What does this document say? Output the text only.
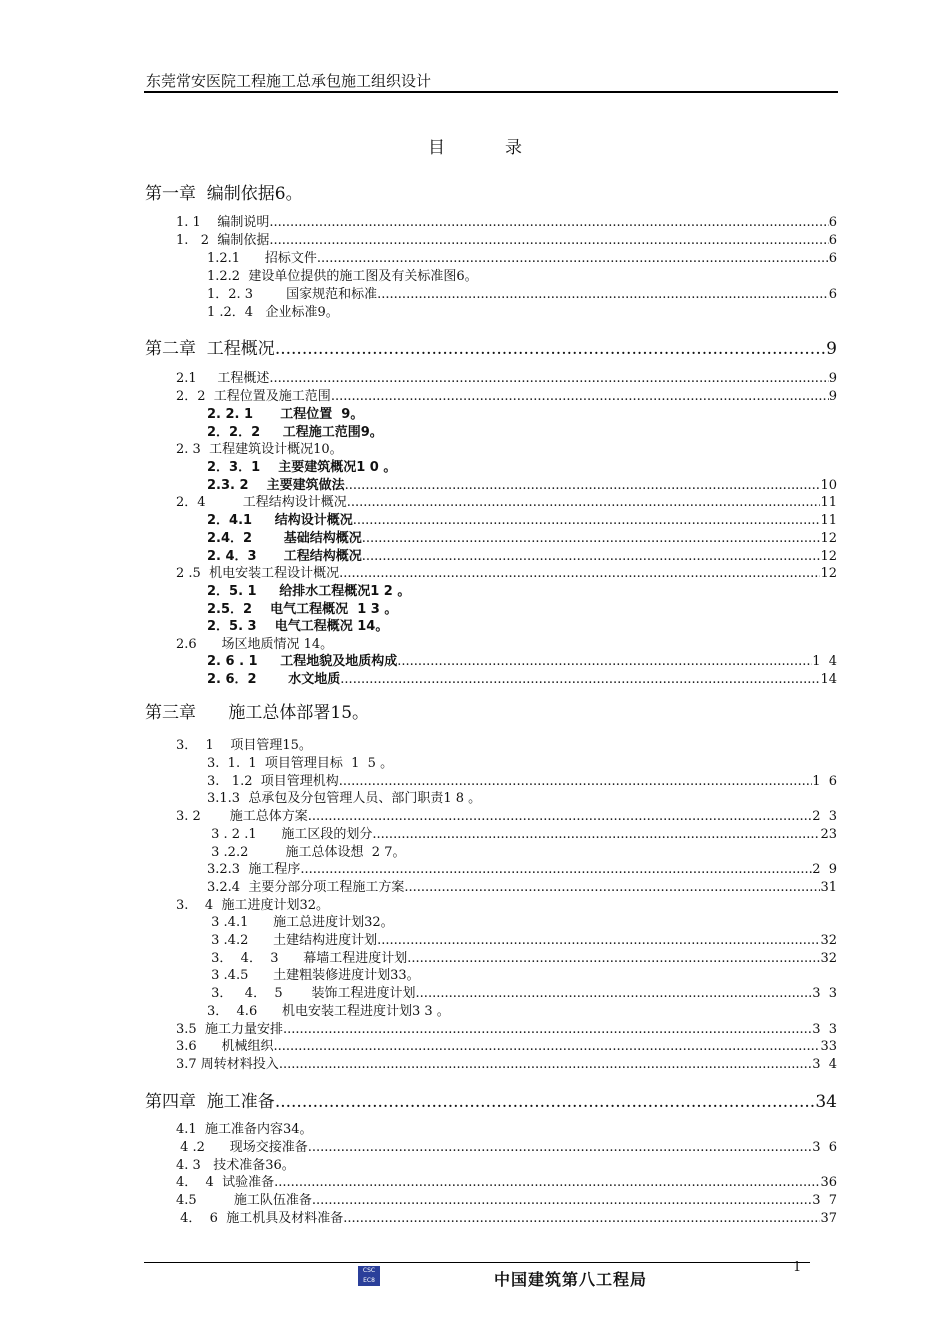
东莞常安医院工程施工总承包施工组织设计
目录
第一章  编制依据6。
1. 1    编制说明 .....	6
1.   2  编制依据 .....	6
1.2.1      招标文件 .....	6
1.2.2  建设单位提供的施工图及有关标准图6。
1．2. 3        国家规范和标准 .....	6
1 .2．4   企业标准9。
第二章  工程概况 .....	9
2.1     工程概述 .....	9
2．2  工程位置及施工范围 .....	9
2. 2. 1      工程位置  9。
2．2．2     工程施工范围9。
2. 3  工程建筑设计概况10。
2．3．1    主要建筑概况1 0 。
2.3. 2    主要建筑做法 .....	10
2．4         工程结构设计概况 .....	11
2．4.1     结构设计概况 .....	11
2.4．2       基础结构概况 .....	12
2. 4．3      工程结构概况 .....	12
2 .5  机电安装工程设计概况 .....	12
2．5. 1     给排水工程概况1 2 。
2.5．2    电气工程概况  1 3 。
2．5. 3    电气工程概况 14。
2.6      场区地质情况 14。
2. 6 . 1     工程地貌及地质构成 .....	1  4
2. 6．2       水文地质 .....	14
第三章      施工总体部署15。
3．  1    项目管理15。
3.  1.  1  项目管理目标  1  5 。
3.   1.2  项目管理机构 .....	1  6
3.1.3  总承包及分包管理人员、部门职责1 8 。
3. 2       施工总体方案 .....	2  3
3 . 2 .1      施工区段的划分 .....	23
3 .2.2         施工总体设想  2 7。
3.2.3  施工程序 .....	2  9
3.2.4  主要分部分项工程施工方案 .....	31
3.    4  施工进度计划32。
3 .4.1      施工总进度计划32。
3 .4.2      土建结构进度计划 .....	32
3．  4．  3      幕墙工程进度计划 .....	32
3 .4.5      土建粗装修进度计划33。
3．   4．  5       装饰工程进度计划 .....	3  3
3．  4.6      机电安装工程进度计划3 3 。
3.5  施工力量安排 .....	3  3
3.6      机械组织 .....	33
3.7 周转材料投入 .....	3  4
第四章  施工准备 .....	34
4.1  施工准备内容34。
4 .2      现场交接准备 .....	3  6
4. 3   技术准备36。
4．  4  试验准备 .....	36
4.5         施工队伍准备 .....	3  7
4．  6  施工机具及材料准备 .....	37
1
CSC
EC8	中国建筑第八工程局
